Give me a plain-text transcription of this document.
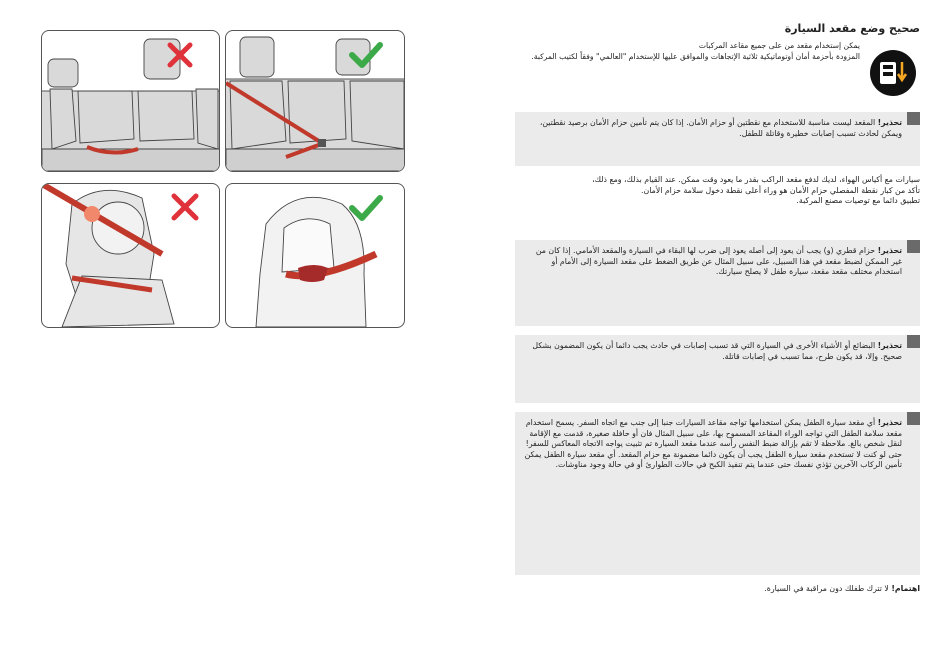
صحيح وضع مقعد السيارة
يمكن إستخدام مقعد من على جميع مقاعد المركبات
المزودة بأحزمة أمان أوتوماتيكية ثلاثية الإتجاهات والموافق عليها للإستخدام "العالمي" وفقاً لكتيب المركبة.
تحذير! المقعد ليست مناسبة للاستخدام مع نقطتين أو حزام الأمان. إذا كان يتم تأمين حزام الأمان برصيد نقطتين، ويمكن لحادث تسبب إصابات خطيرة وقاتلة للطفل.
سيارات مع أكياس الهواء، لديك لدفع مقعد الراكب بقدر ما يعود وقت ممكن. عند القيام بذلك، ومع ذلك،
تأكد من كبار نقطة المفصلي حزام الأمان هو وراء أعلى نقطة دخول سلامة حزام الأمان.
تطبيق دائما مع توصيات مصنع المركبة.
تحذير! حزام قطري (و) يجب أن يعود إلى أصله يعود إلى ضرب لها البقاء في السيارة والمقعد الأمامي. إذا كان من غير الممكن لضبط مقعد في هذا السبيل، على سبيل المثال عن طريق الضغط على مقعد السيارة إلى الأمام أو استخدام مختلف مقعد مقعد، سيارة طفل لا يصلح سيارتك.
تحذير! البضائع أو الأشياء الأخرى في السيارة التي قد تسبب إصابات في حادث يجب دائما أن يكون المضمون بشكل صحيح. وإلا، قد يكون طرح، مما تسبب في إصابات قاتلة.
تحذير! أي مقعد سيارة الطفل يمكن استخدامها تواجه مقاعد السيارات جنبا إلى جنب مع اتجاه السفر. يسمح استخدام مقعد سلامة الطفل التي تواجه الوراء المقاعد المسموح بها، على سبيل المثال فان أو حافلة صغيرة، قدمت مع الإقامة لنقل شخص بالغ. ملاحظة لا تقم بإزالة ضبط النفس رأسه عندما مقعد السيارة تم تثبيت يواجه الاتجاه المعاكس للسفر! حتى لو كنت لا تستخدم مقعد سيارة الطفل يجب أن يكون دائما مضمونة مع حزام المقعد. أي مقعد سيارة الطفل يمكن تأمين الركاب الآخرين تؤذي نفسك حتى عندما يتم تنفيذ الكبح في حالات الطوارئ أو في حالة وجود مناوشات.
اهتمام! لا تترك طفلك دون مراقبة في السيارة.
